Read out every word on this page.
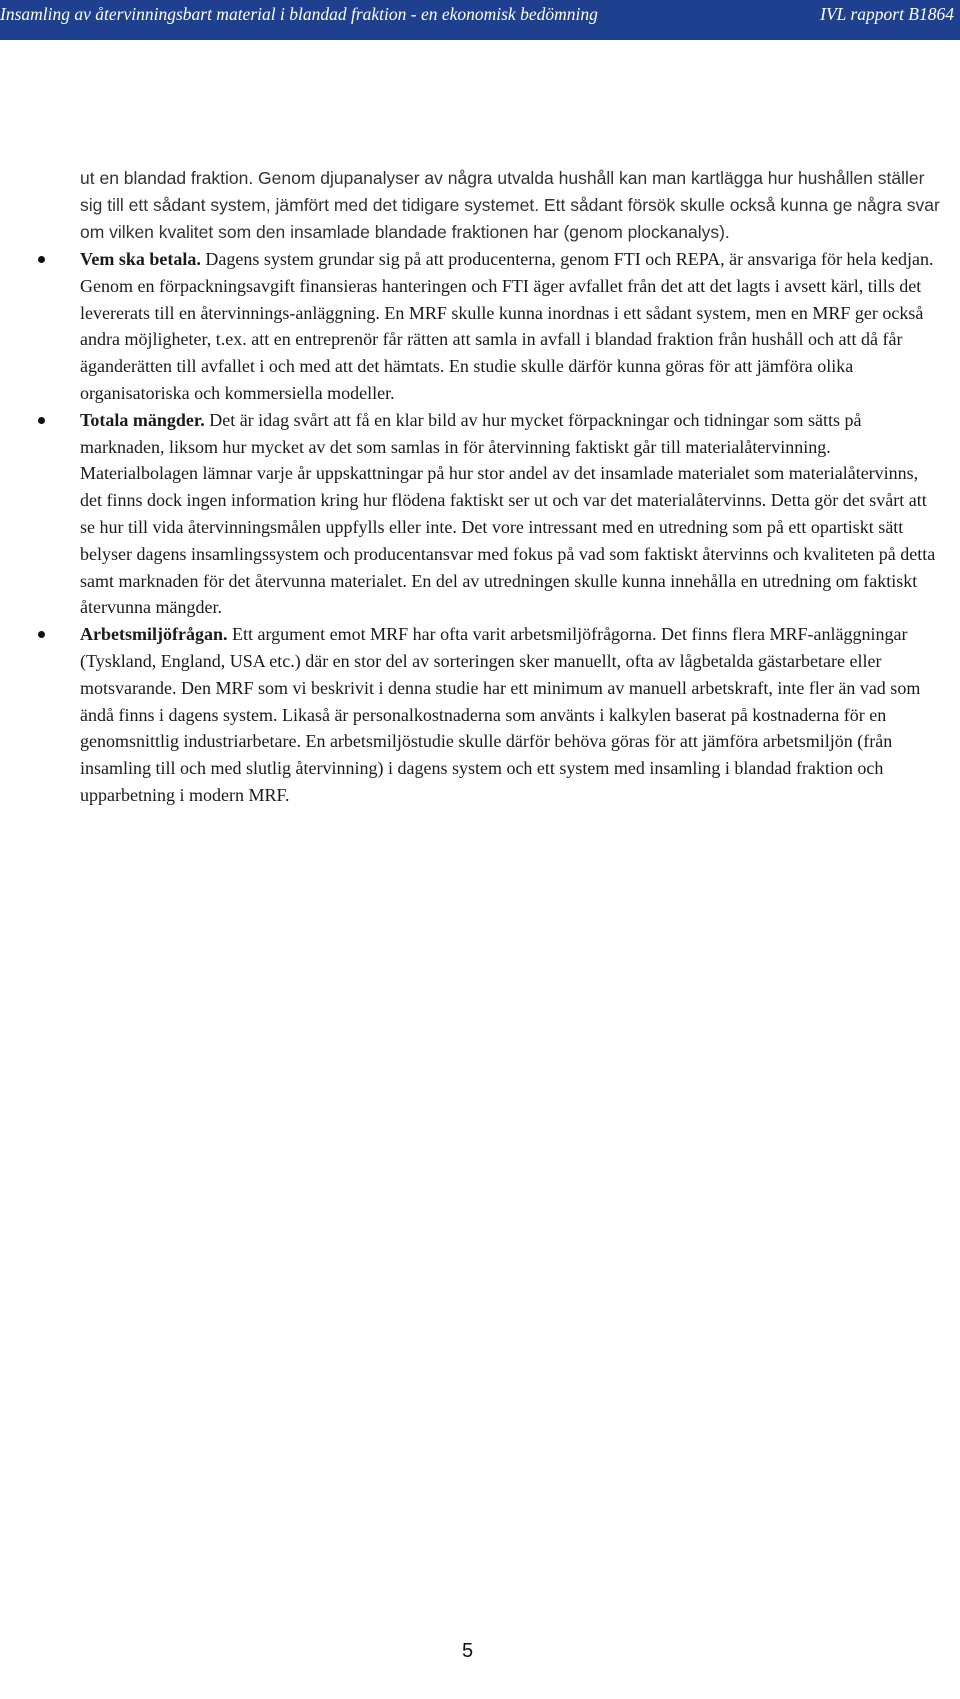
Insamling av återvinningsbart material i blandad fraktion - en ekonomisk bedömning	IVL rapport B1864

ut en blandad fraktion. Genom djupanalyser av några utvalda hushåll kan man kartlägga hur hushållen ställer sig till ett sådant system, jämfört med det tidigare systemet. Ett sådant försök skulle också kunna ge några svar om vilken kvalitet som den insamlade blandade fraktionen har (genom plockanalys).

Vem ska betala. Dagens system grundar sig på att producenterna, genom FTI och REPA, är ansvariga för hela kedjan. Genom en förpackningsavgift finansieras hanteringen och FTI äger avfallet från det att det lagts i avsett kärl, tills det levererats till en återvinnings-anläggning. En MRF skulle kunna inordnas i ett sådant system, men en MRF ger också andra möjligheter, t.ex. att en entreprenör får rätten att samla in avfall i blandad fraktion från hushåll och att då får äganderätten till avfallet i och med att det hämtats. En studie skulle därför kunna göras för att jämföra olika organisatoriska och kommersiella modeller.
Totala mängder. Det är idag svårt att få en klar bild av hur mycket förpackningar och tidningar som sätts på marknaden, liksom hur mycket av det som samlas in för återvinning faktiskt går till materialåtervinning. Materialbolagen lämnar varje år uppskattningar på hur stor andel av det insamlade materialet som materialåtervinns, det finns dock ingen information kring hur flödena faktiskt ser ut och var det materialåtervinns. Detta gör det svårt att se hur till vida återvinningsmålen uppfylls eller inte. Det vore intressant med en utredning som på ett opartiskt sätt belyser dagens insamlingssystem och producentansvar med fokus på vad som faktiskt återvinns och kvaliteten på detta samt marknaden för det återvunna materialet. En del av utredningen skulle kunna innehålla en utredning om faktiskt återvunna mängder.
Arbetsmiljöfrågan. Ett argument emot MRF har ofta varit arbetsmiljöfrågorna. Det finns flera MRF-anläggningar (Tyskland, England, USA etc.) där en stor del av sorteringen sker manuellt, ofta av lågbetalda gästarbetare eller motsvarande. Den MRF som vi beskrivit i denna studie har ett minimum av manuell arbetskraft, inte fler än vad som ändå finns i dagens system. Likaså är personalkostnaderna som använts i kalkylen baserat på kostnaderna för en genomsnittlig industriarbetare. En arbetsmiljöstudie skulle därför behöva göras för att jämföra arbetsmiljön (från insamling till och med slutlig återvinning) i dagens system och ett system med insamling i blandad fraktion och upparbetning i modern MRF.
5
